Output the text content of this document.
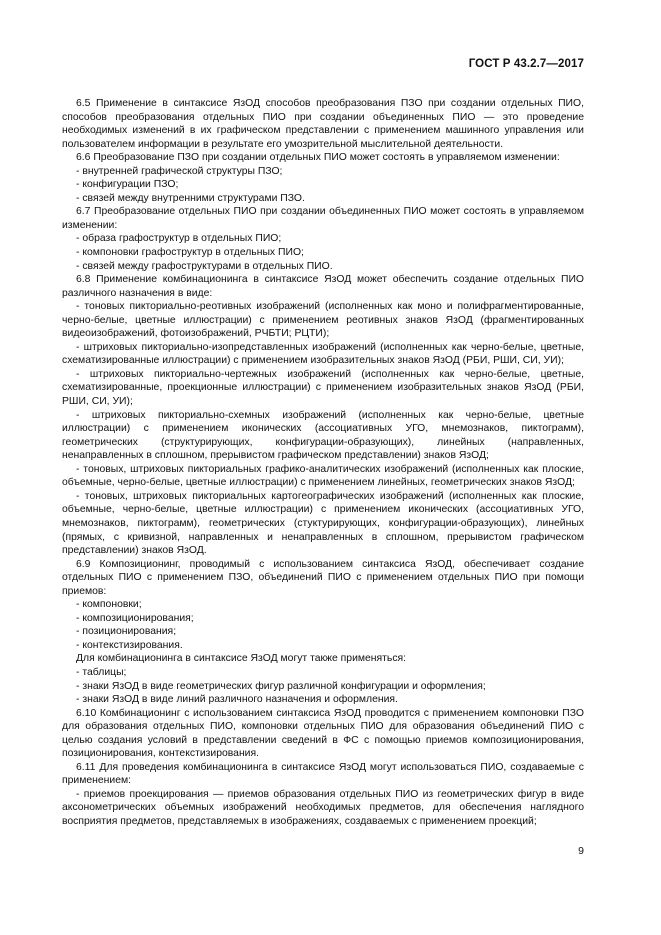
ГОСТ Р 43.2.7—2017

6.5 Применение в синтаксисе ЯзОД способов преобразования ПЗО при создании отдельных ПИО, способов преобразования отдельных ПИО при создании объединенных ПИО — это проведение необходимых изменений в их графическом представлении с применением машинного управления или пользователем информации в результате его умозрительной мыслительной деятельности.

6.6 Преобразование ПЗО при создании отдельных ПИО может состоять в управляемом изменении:

- внутренней графической структуры ПЗО;

- конфигурации ПЗО;

- связей между внутренними структурами ПЗО.

6.7 Преобразование отдельных ПИО при создании объединенных ПИО может состоять в управляемом изменении:

- образа графоструктур в отдельных ПИО;

- компоновки графоструктур в отдельных ПИО;

- связей между графоструктурами в отдельных ПИО.

6.8 Применение комбинационинга в синтаксисе ЯзОД может обеспечить создание отдельных ПИО различного назначения в виде:

- тоновых пикториально-реотивных изображений (исполненных как моно и полифрагментированные, черно-белые, цветные иллюстрации) с применением реотивных знаков ЯзОД (фрагментированных видеоизображений, фотоизображений, РЧБТИ; РЦТИ);

- штриховых пикториально-изопредставленных изображений (исполненных как черно-белые, цветные, схематизированные иллюстрации) с применением изобразительных знаков ЯзОД (РБИ, РШИ, СИ, УИ);

- штриховых пикториально-чертежных изображений (исполненных как черно-белые, цветные, схематизированные, проекционные иллюстрации) с применением изобразительных знаков ЯзОД (РБИ, РШИ, СИ, УИ);

- штриховых пикториально-схемных изображений (исполненных как черно-белые, цветные иллюстрации) с применением иконических (ассоциативных УГО, мнемознаков, пиктограмм), геометрических (структурирующих, конфигурации-образующих), линейных (направленных, ненаправленных в сплошном, прерывистом графическом представлении) знаков ЯзОД;

- тоновых, штриховых пикториальных графико-аналитических изображений (исполненных как плоские, объемные, черно-белые, цветные иллюстрации) с применением линейных, геометрических знаков ЯзОД;

- тоновых, штриховых пикториальных картогеографических изображений (исполненных как плоские, объемные, черно-белые, цветные иллюстрации) с применением иконических (ассоциативных УГО, мнемознаков, пиктограмм), геометрических (стуктурирующих, конфигурации-образующих), линейных (прямых, с кривизной, направленных и ненаправленных в сплошном, прерывистом графическом представлении) знаков ЯзОД.

6.9 Композиционинг, проводимый с использованием синтаксиса ЯзОД, обеспечивает создание отдельных ПИО с применением ПЗО, объединений ПИО с применением отдельных ПИО при помощи приемов:

- компоновки;

- композиционирования;

- позиционирования;

- контекстизирования.

Для комбинационинга в синтаксисе ЯзОД могут также применяться:

- таблицы;

- знаки ЯзОД в виде геометрических фигур различной конфигурации и оформления;

- знаки ЯзОД в виде линий различного назначения и оформления.

6.10 Комбинационинг с использованием синтаксиса ЯзОД проводится с применением компоновки ПЗО для образования отдельных ПИО, компоновки отдельных ПИО для образования объединений ПИО с целью создания условий в представлении сведений в ФС с помощью приемов композиционирования, позиционирования, контекстизирования.

6.11 Для проведения комбинационинга в синтаксисе ЯзОД могут использоваться ПИО, создаваемые с применением:

- приемов проекцирования — приемов образования отдельных ПИО из геометрических фигур в виде аксонометрических объемных изображений необходимых предметов, для обеспечения наглядного восприятия предметов, представляемых в изображениях, создаваемых с применением проекций;

9
